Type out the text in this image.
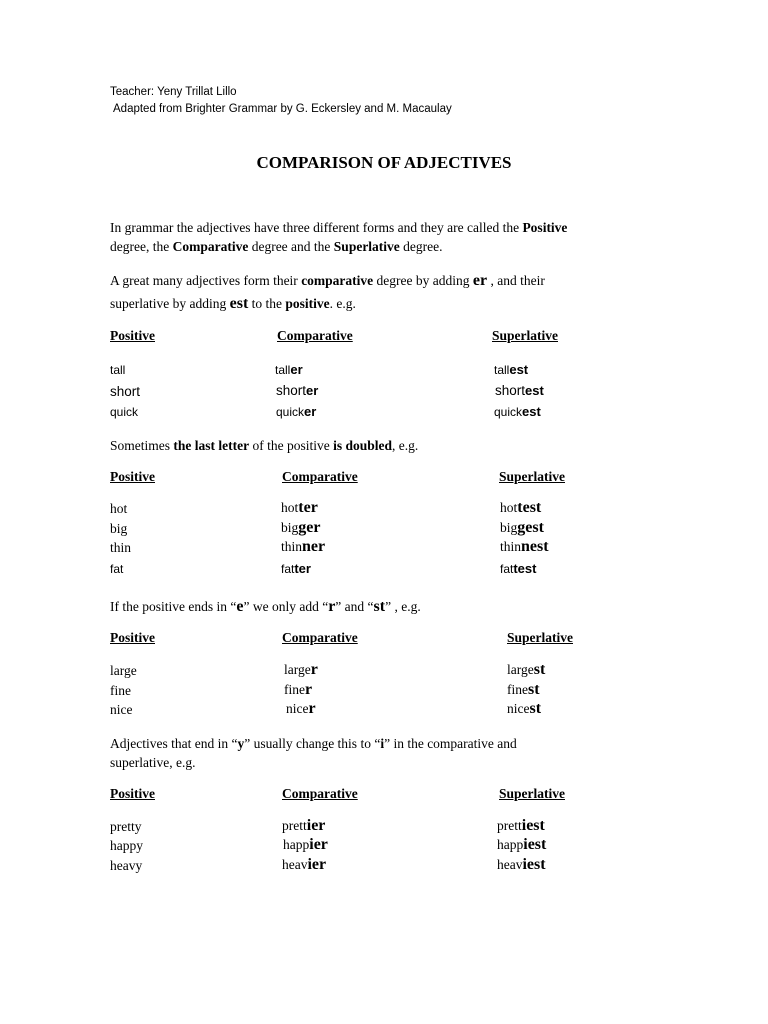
Teacher: Yeny Trillat Lillo
Adapted from Brighter Grammar by G. Eckersley and M. Macaulay
COMPARISON OF ADJECTIVES
In grammar the adjectives have three different forms and they are called the Positive
degree, the Comparative degree and the Superlative degree.
A great many adjectives form their comparative degree by adding er , and their
superlative by adding est to the positive. e.g.
Positive	Comparative	Superlative
tall	taller	tallest
short	shorter	shortest
quick	quicker	quickest
Sometimes the last letter of the positive is doubled, e.g.
Positive	Comparative	Superlative
hot	hotter	hottest
big	bigger	biggest
thin	thinner	thinnest
fat	fatter	fattest
If the positive ends in “e” we only add “r” and “st” , e.g.
Positive	Comparative	Superlative
large	larger	largest
fine	finer	finest
nice	nicer	nicest
Adjectives that end in “y” usually change this to “i” in the comparative and
superlative, e.g.
Positive	Comparative	Superlative
pretty	prettier	prettiest
happy	happier	happiest
heavy	heavier	heaviest
